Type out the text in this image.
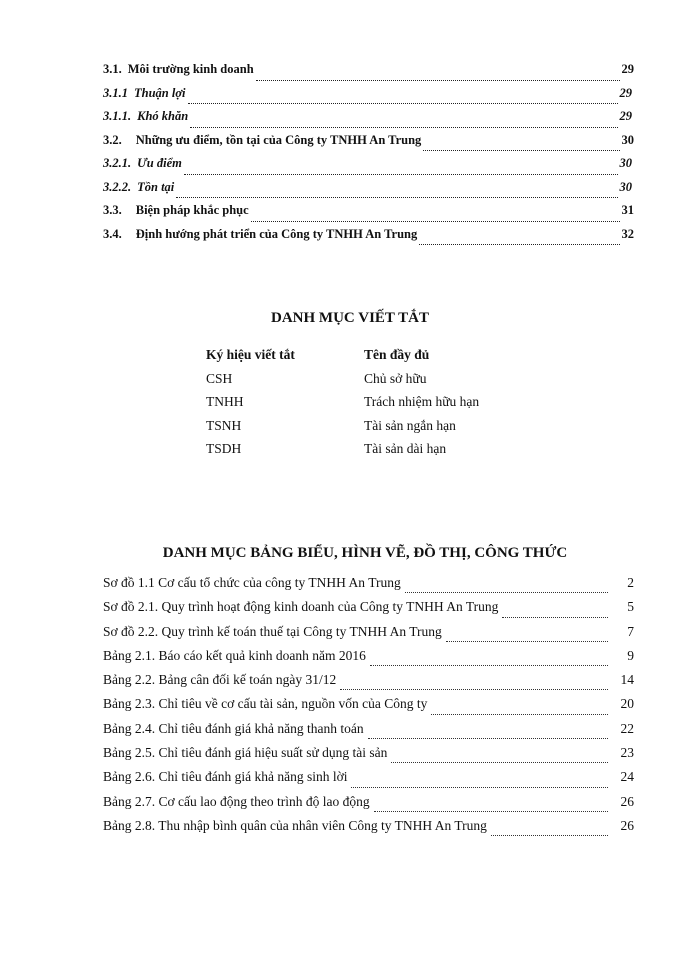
3.1. Môi trường kinh doanh	29
3.1.1 Thuận lợi	29
3.1.1. Khó khăn	29
3.2. Những ưu điểm, tồn tại của Công ty TNHH An Trung	30
3.2.1. Ưu điểm	30
3.2.2. Tồn tại	30
3.3. Biện pháp khắc phục	31
3.4. Định hướng phát triển của Công ty TNHH An Trung	32
DANH MỤC VIẾT TẮT
Ký hiệu viết tắt	Tên đầy đủ
CSH	Chủ sở hữu
TNHH	Trách nhiệm hữu hạn
TSNH	Tài sản ngắn hạn
TSDH	Tài sản dài hạn
DANH MỤC BẢNG BIỂU, HÌNH VẼ, ĐỒ THỊ, CÔNG THỨC
Sơ đồ 1.1 Cơ cấu tổ chức của công ty TNHH An Trung	2
Sơ đồ 2.1. Quy trình hoạt động kinh doanh của Công ty TNHH An Trung	5
Sơ đồ 2.2. Quy trình kế toán thuế tại Công ty TNHH An Trung	7
Bảng 2.1. Báo cáo kết quả kinh doanh năm 2016	9
Bảng 2.2. Bảng cân đối kế toán ngày 31/12	14
Bảng 2.3. Chỉ tiêu về cơ cấu tài sản, nguồn vốn của Công ty	20
Bảng 2.4. Chỉ tiêu đánh giá khả năng thanh toán	22
Bảng 2.5. Chỉ tiêu đánh giá hiệu suất sử dụng tài sản	23
Bảng 2.6. Chỉ tiêu đánh giá khả năng sinh lời	24
Bảng 2.7. Cơ cấu lao động theo trình độ lao động	26
Bảng 2.8. Thu nhập bình quân của nhân viên Công ty TNHH An Trung	26
